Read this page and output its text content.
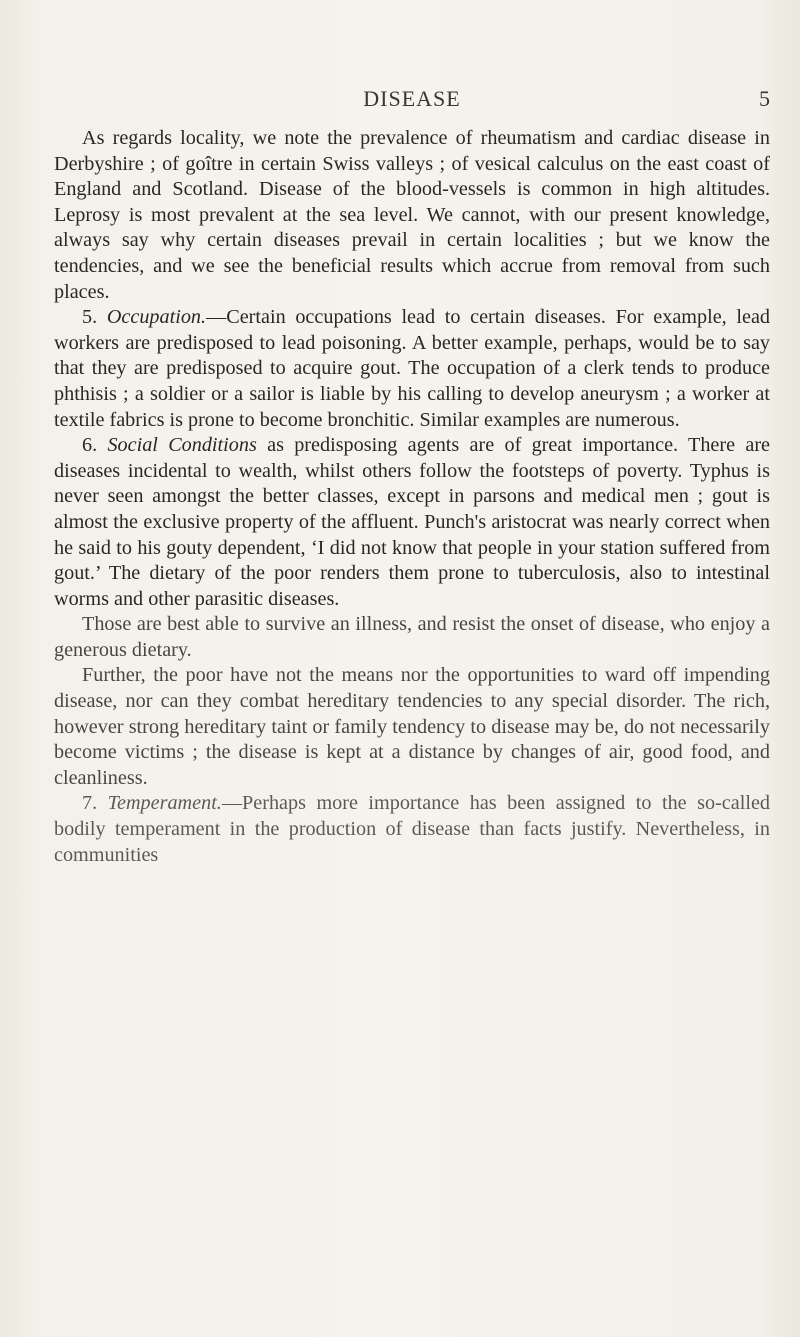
DISEASE	5

As regards locality, we note the prevalence of rheumatism and cardiac disease in Derbyshire ; of goître in certain Swiss valleys ; of vesical calculus on the east coast of England and Scotland. Disease of the blood-vessels is common in high altitudes. Leprosy is most prevalent at the sea level. We cannot, with our present knowledge, always say why certain diseases prevail in certain localities ; but we know the tendencies, and we see the beneficial results which accrue from removal from such places.

5. Occupation.—Certain occupations lead to certain diseases. For example, lead workers are predisposed to lead poisoning. A better example, perhaps, would be to say that they are predisposed to acquire gout. The occupation of a clerk tends to produce phthisis ; a soldier or a sailor is liable by his calling to develop aneurysm ; a worker at textile fabrics is prone to become bronchitic. Similar examples are numerous.

6. Social Conditions as predisposing agents are of great importance. There are diseases incidental to wealth, whilst others follow the footsteps of poverty. Typhus is never seen amongst the better classes, except in parsons and medical men ; gout is almost the exclusive property of the affluent. Punch's aristocrat was nearly correct when he said to his gouty dependent, ‘I did not know that people in your station suffered from gout.’ The dietary of the poor renders them prone to tuberculosis, also to intestinal worms and other parasitic diseases.

Those are best able to survive an illness, and resist the onset of disease, who enjoy a generous dietary.

Further, the poor have not the means nor the opportunities to ward off impending disease, nor can they combat hereditary tendencies to any special disorder. The rich, however strong hereditary taint or family tendency to disease may be, do not necessarily become victims ; the disease is kept at a distance by changes of air, good food, and cleanliness.

7. Temperament.—Perhaps more importance has been assigned to the so-called bodily temperament in the production of disease than facts justify. Nevertheless, in communities
